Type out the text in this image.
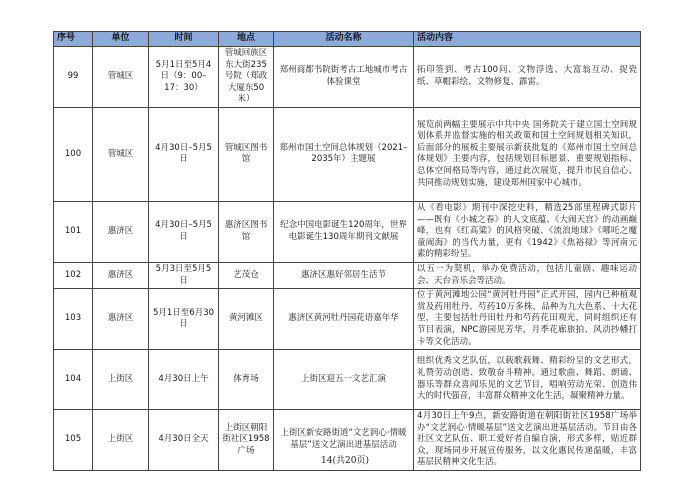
序号	单位	时间	地点	活动名称	活动内容
99	管城区	5月1日至5月4日（9：00–17：30）	管城回族区东大街235号院（郑政大厦东50米）	郑州商都书院街考古工地城市考古体验课堂	拓印签到、考古100问、文物浮选、大富翁互动、捉瓷纸、草帽彩绘、文物修复、霹雷。
100	管城区	4月30日–5月5日	管城区图书馆	郑州市国土空间总体规划（2021–2035年）主题展	展览前两幅主要展示中共中央 国务院关于建立国土空间规划体系并监督实施的相关政策和国土空间规划相关知识，后面部分的展板主要展示新获批复的《郑州市国土空间总体规划》主要内容，包括规划目标愿景、重要规划指标、总体空间格局等内容，通过此次展览，提升市民自信心、共同推动规划实施，建设郑州国家中心城市。
101	惠济区	4月30日–5月5日	惠济区图书馆	纪念中国电影诞生120周年，世界电影诞生130周年期刊文献展	从《看电影》期刊中深挖史料，精选25部里程碑式影片——既有《小城之春》的人文底蕴、《大闹天宫》的动画巅峰，也有《红高粱》的风格突破、《流浪地球》《哪吒之魔童闹海》的当代力量，更有《1942》《焦裕禄》等河南元素的精彩纷呈。
102	惠济区	5月3日至5月5日	艺茂仓	惠济区惠好邻居生活节	以五一为契机，举办免费活动，包括儿童剧、趣味运动会、天台音乐会等活动。
103	惠济区	5月1日至6月30日	黄河滩区	惠济区黄河牡丹园花语嘉年华	位于黄河滩地公园“黄河牡丹园”正式开园，园内已种植观赏及药用牡丹、芍药10万多株，品种为九大色系、十大花型，主要包括牡丹田牡丹和芍药花田观光，同时组织还有节目表演，NPC游园见芳华，月季花廊旅拍、风动抄幡打卡等文化活动。
104	上街区	4月30日上午	体育场	上街区迎五一文艺汇演	组织优秀文艺队伍，以载歌载舞、精彩纷呈的文艺形式，礼赞劳动创造、致敬奋斗精神。通过歌曲、舞蹈、朗诵、器乐等群众喜闻乐见的文艺节目，唱响劳动光荣、创造伟大的时代强音，丰富群众精神文化生活，凝聚精神力量。
105	上街区	4月30日全天	上街区朝阳街社区1958广场	上街区新安路街道“文艺润心·情暖基层”送文艺演出进基层活动	4月30日上午9点，新安路街道在朝阳街社区1958广场举办“文艺润心·情暖基层”送文艺演出进基层活动。节目由各社区文艺队伍、职工爱好者自编自演，形式多样，贴近群众，现场同步开展宣传服务，以文化惠民传递温暖，丰富基层民精神文化生活。
14(共20页)
